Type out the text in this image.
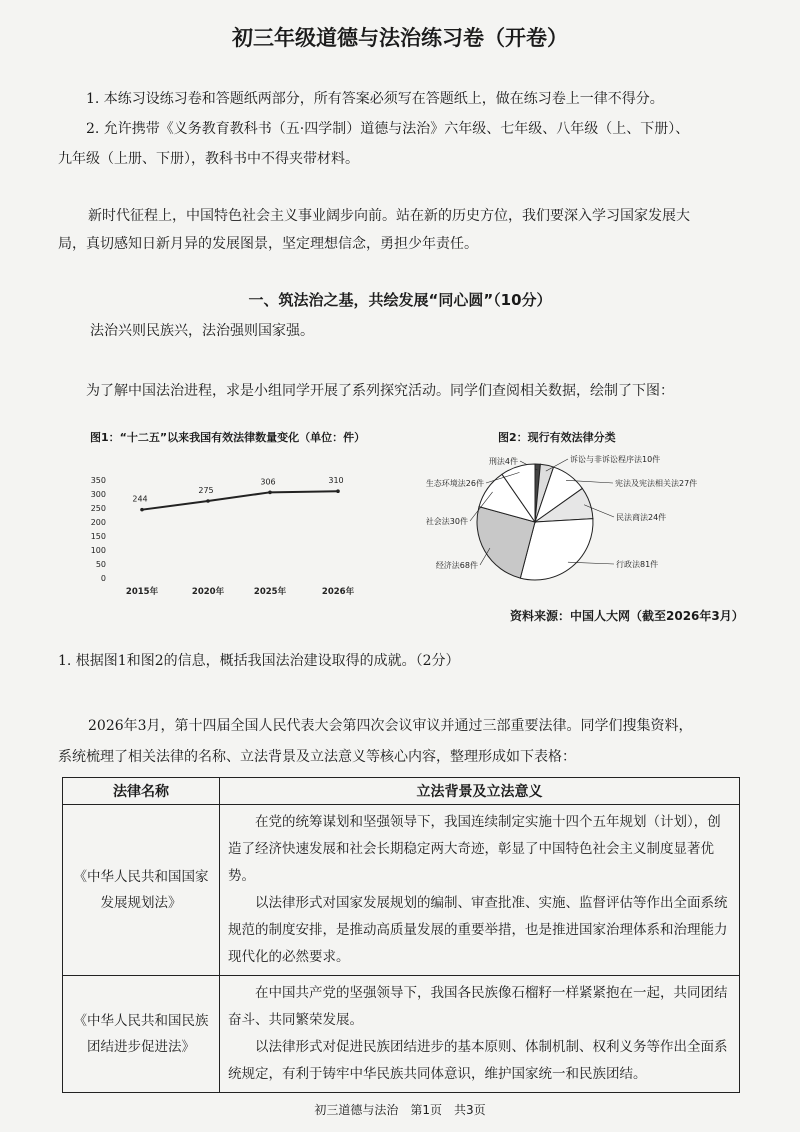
初三年级道德与法治练习卷（开卷）
1. 本练习设练习卷和答题纸两部分，所有答案必须写在答题纸上，做在练习卷上一律不得分。
2. 允许携带《义务教育教科书（五·四学制）道德与法治》六年级、七年级、八年级（上、下册）、
九年级（上册、下册），教科书中不得夹带材料。
新时代征程上，中国特色社会主义事业阔步向前。站在新的历史方位，我们要深入学习国家发展大
局，真切感知日新月异的发展图景，坚定理想信念，勇担少年责任。
一、筑法治之基，共绘发展“同心圆”（10分）
法治兴则民族兴，法治强则国家强。
为了解中国法治进程，求是小组同学开展了系列探究活动。同学们查阅相关数据，绘制了下图：
图1：“十二五”以来我国有效法律数量变化（单位：件）
0
50
100
150
200
250
300
350
244
2015年
275
2020年
306
2025年
310
2026年
图2：现行有效法律分类
刑法4件	诉讼与非诉讼程序法10件
宪法及宪法相关法27件
民法商法24件
行政法81件
经济法68件
社会法30件
生态环境法26件
资料来源：中国人大网（截至2026年3月）
1. 根据图1和图2的信息，概括我国法治建设取得的成就。（2分）
2026年3月，第十四届全国人民代表大会第四次会议审议并通过三部重要法律。同学们搜集资料，
系统梳理了相关法律的名称、立法背景及立法意义等核心内容，整理形成如下表格：
法律名称	立法背景及立法意义
《中华人民共和国国家发展规划法》	在党的统筹谋划和坚强领导下，我国连续制定实施十四个五年规划（计划），创造了经济快速发展和社会长期稳定两大奇迹，彰显了中国特色社会主义制度显著优势。

以法律形式对国家发展规划的编制、审查批准、实施、监督评估等作出全面系统规范的制度安排，是推动高质量发展的重要举措，也是推进国家治理体系和治理能力现代化的必然要求。

《中华人民共和国民族团结进步促进法》	在中国共产党的坚强领导下，我国各民族像石榴籽一样紧紧抱在一起，共同团结奋斗、共同繁荣发展。

以法律形式对促进民族团结进步的基本原则、体制机制、权利义务等作出全面系统规定，有利于铸牢中华民族共同体意识，维护国家统一和民族团结。

初三道德与法治　第1页　共3页
